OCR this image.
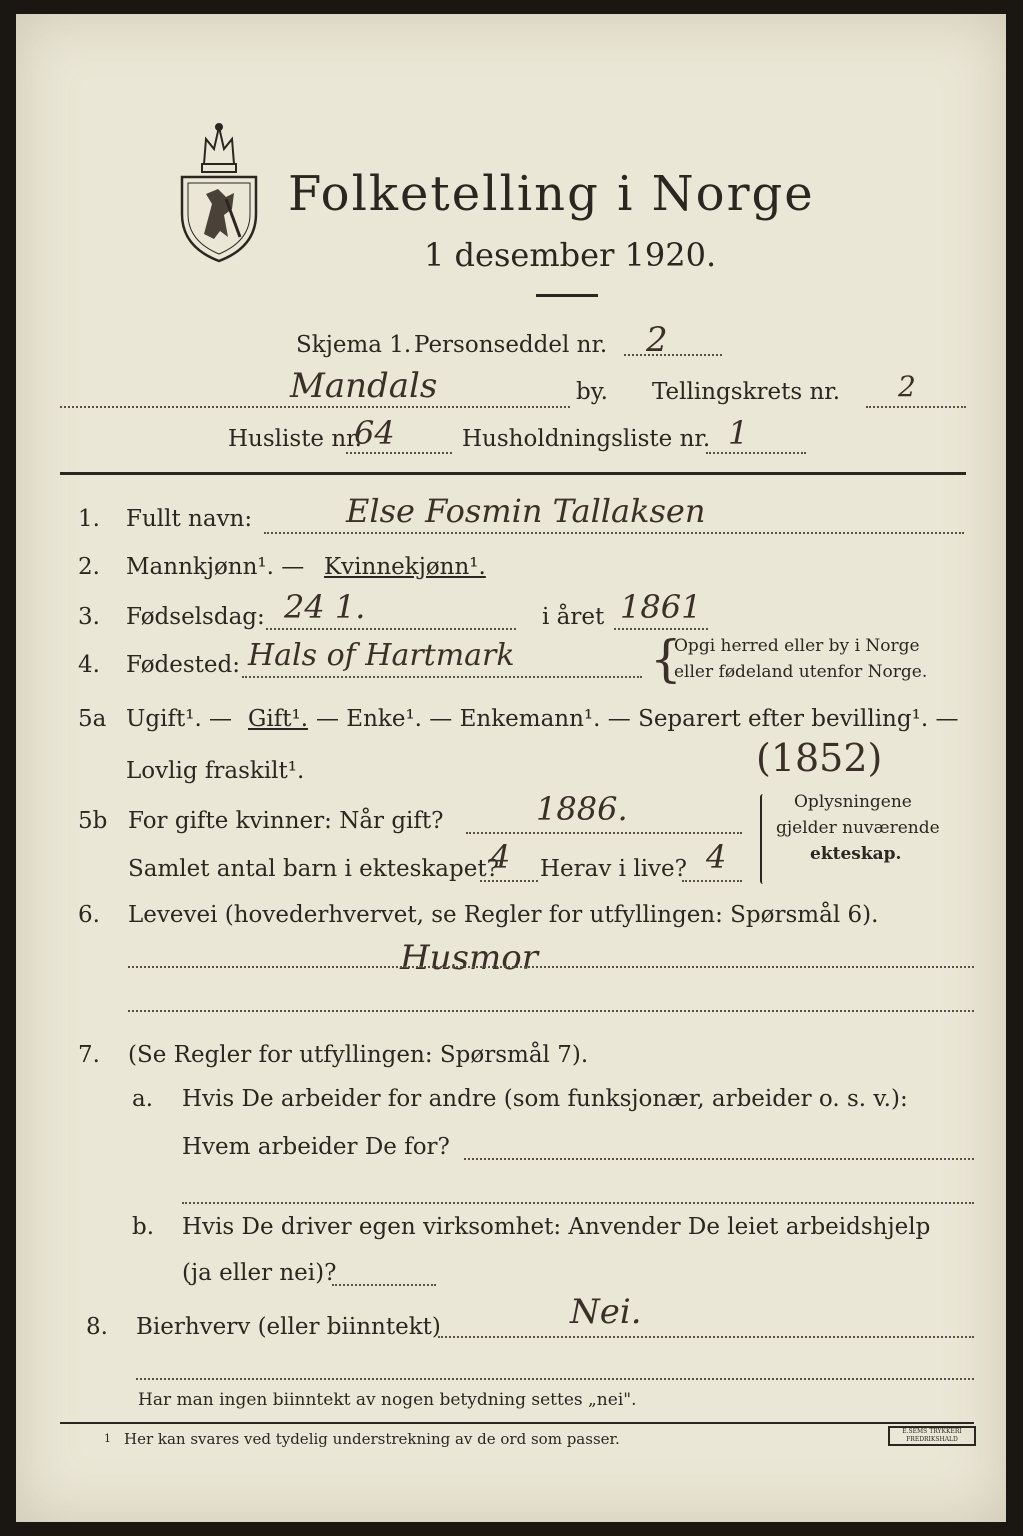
Folketelling i Norge
1 desember 1920.
Skjema 1. Personseddel nr. 2
Mandals	by. Tellingskrets nr. 2
Husliste nr.
64	Husholdningsliste nr. 1
1. Fullt navn:	Else Fosmin Tallaksen
2. Mannkjønn¹. — Kvinnekjønn¹.
3. Fødselsdag: 24 1.	i året 1861
4. Fødested: Hals of Hartmark	{
Opgi herred eller by i Norge
eller fødeland utenfor Norge.
5a Ugift¹. — Gift¹. — Enke¹. — Enkemann¹. — Separert efter bevilling¹. —
Lovlig fraskilt¹.	(1852)
5b For gifte kvinner: Når gift?	1886.
Samlet antal barn i ekteskapet?
4 Herav i live? 4
Oplysningene
gjelder nuværende
ekteskap.
6. Levevei (hovederhvervet, se Regler for utfyllingen: Spørsmål 6).
Husmor
7. (Se Regler for utfyllingen: Spørsmål 7).
a. Hvis De arbeider for andre (som funksjonær, arbeider o. s. v.):
Hvem arbeider De for?
b. Hvis De driver egen virksomhet: Anvender De leiet arbeidshjelp
(ja eller nei)?
8. Bierhverv (eller biinntekt)	Nei.
Har man ingen biinntekt av nogen betydning settes „nei".
1 Her kan svares ved tydelig understrekning av de ord som passer.	E.SEMS TRYKKERI FREDRIKSHALD
